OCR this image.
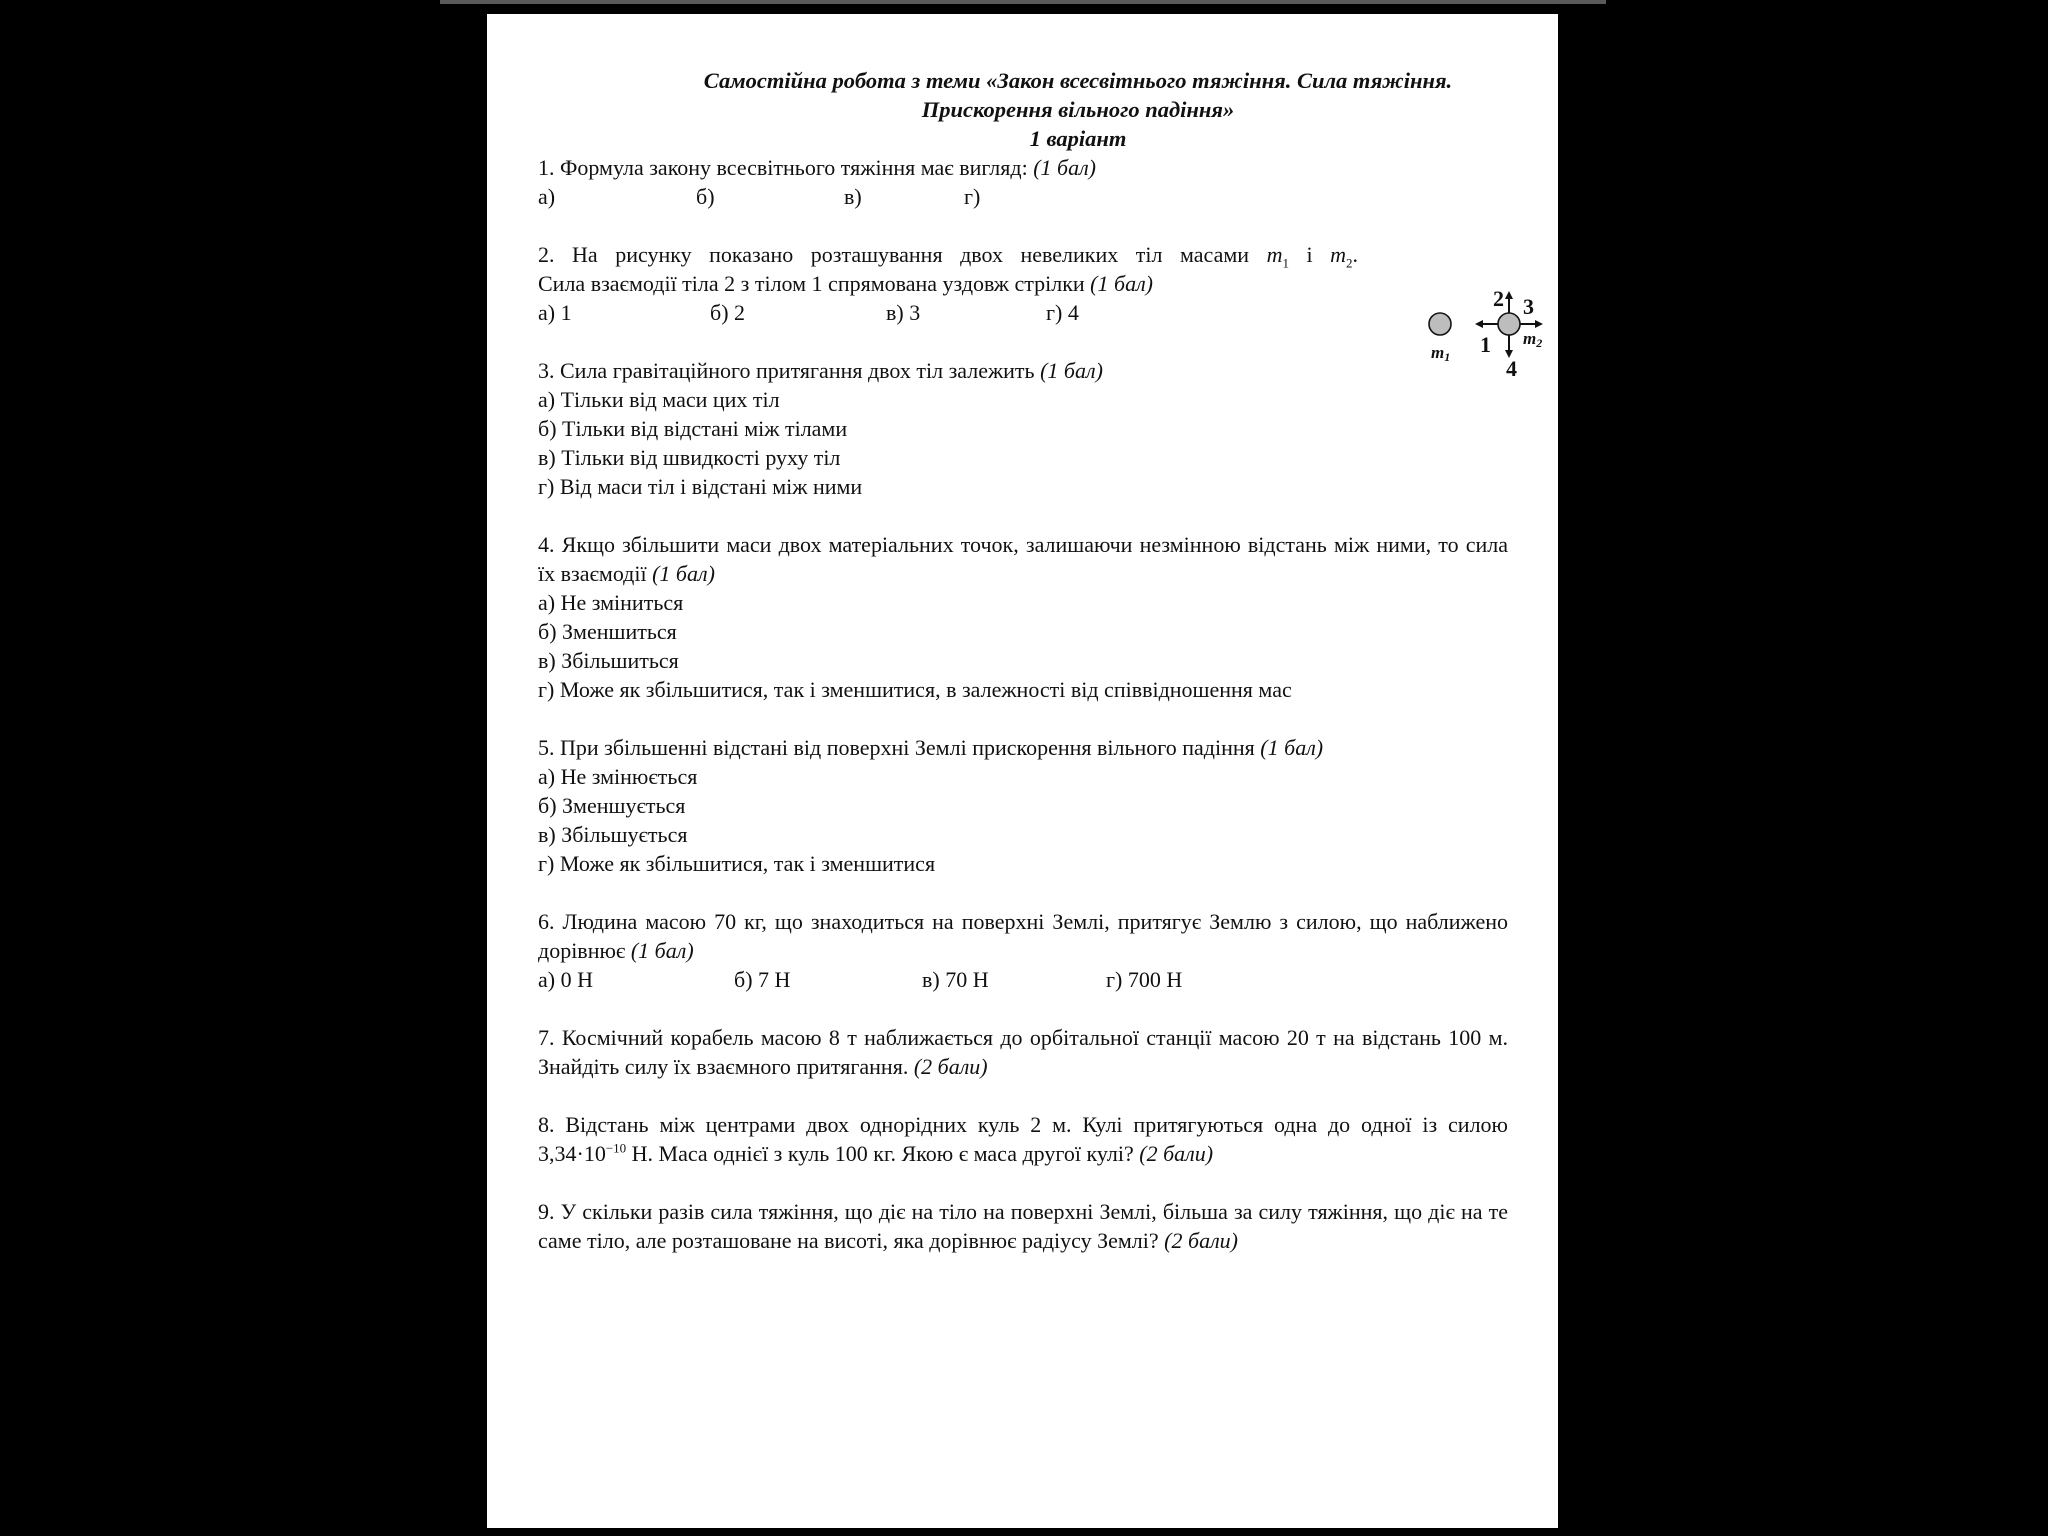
Самостійна робота з теми «Закон всесвітнього тяжіння. Сила тяжіння.
Прискорення вільного падіння»
1 варіант
1. Формула закону всесвітнього тяжіння має вигляд: (1 бал)
а)	б)	в)	г)
2. На рисунку показано розташування двох невеликих тіл масами $m_1$ і $m_2$.
Сила взаємодії тіла 2 з тілом 1 спрямована уздовж стрілки (1 бал)
а) 1	б) 2	в) 3	г) 4
3. Сила гравітаційного притягання двох тіл залежить (1 бал)
а) Тільки від маси цих тіл
б) Тільки від відстані між тілами
в) Тільки від швидкості руху тіл
г) Від маси тіл і відстані між ними
4. Якщо збільшити маси двох матеріальних точок, залишаючи незмінною відстань між ними, то сила їх взаємодії (1 бал)
а) Не зміниться
б) Зменшиться
в) Збільшиться
г) Може як збільшитися, так і зменшитися, в залежності від співвідношення мас
5. При збільшенні відстані від поверхні Землі прискорення вільного падіння (1 бал)
а) Не змінюється
б) Зменшується
в) Збільшується
г) Може як збільшитися, так і зменшитися
6. Людина масою 70 кг, що знаходиться на поверхні Землі, притягує Землю з силою, що наближено дорівнює (1 бал)
а) 0 Н	б) 7 Н	в) 70 Н	г) 700 Н
7. Космічний корабель масою 8 т наближається до орбітальної станції масою 20 т на відстань 100 м. Знайдіть силу їх взаємного притягання. (2 бали)
8. Відстань між центрами двох однорідних куль 2 м. Кулі притягуються одна до одної із силою $3,34\cdot 10^{-10}$ Н. Маса однієї з куль 100 кг. Якою є маса другої кулі? (2 бали)
9. У скільки разів сила тяжіння, що діє на тіло на поверхні Землі, більша за силу тяжіння, що діє на те саме тіло, але розташоване на висоті, яка дорівнює радіусу Землі? (2 бали)
2 3
1
4
m1
m2
